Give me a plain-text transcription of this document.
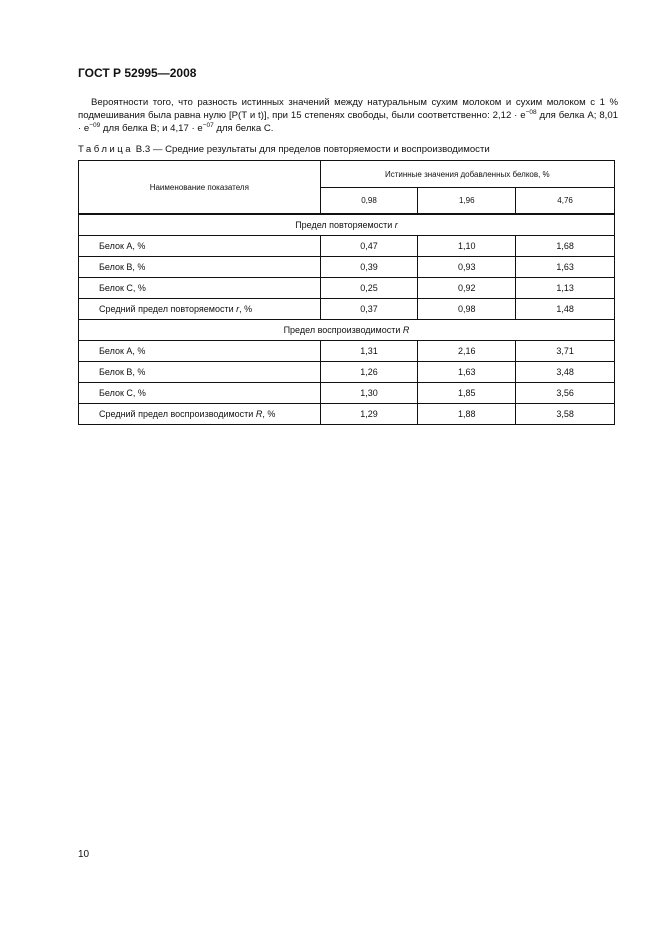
ГОСТ Р 52995—2008
Вероятности того, что разность истинных значений между натуральным сухим молоком и сухим молоком с 1 % подмешивания была равна нулю [P(T и t)], при 15 степенях свободы, были соответственно: $2,12 \cdot e^{-08}$ для белка А; $8,01 \cdot e^{-09}$ для белка В; и $4,17 \cdot e^{-07}$ для белка С.
Таблица В.3 — Средние результаты для пределов повторяемости и воспроизводимости
Наименование показателя	Истинные значения добавленных белков, %		
	0,98	1,96	4,76
Предел повторяемости r			
Белок А, %	0,47	1,10	1,68
Белок В, %	0,39	0,93	1,63
Белок С, %	0,25	0,92	1,13
Средний предел повторяемости r, %	0,37	0,98	1,48
Предел воспроизводимости R			
Белок А, %	1,31	2,16	3,71
Белок В, %	1,26	1,63	3,48
Белок С, %	1,30	1,85	3,56
Средний предел воспроизводимости R, %	1,29	1,88	3,58
10
